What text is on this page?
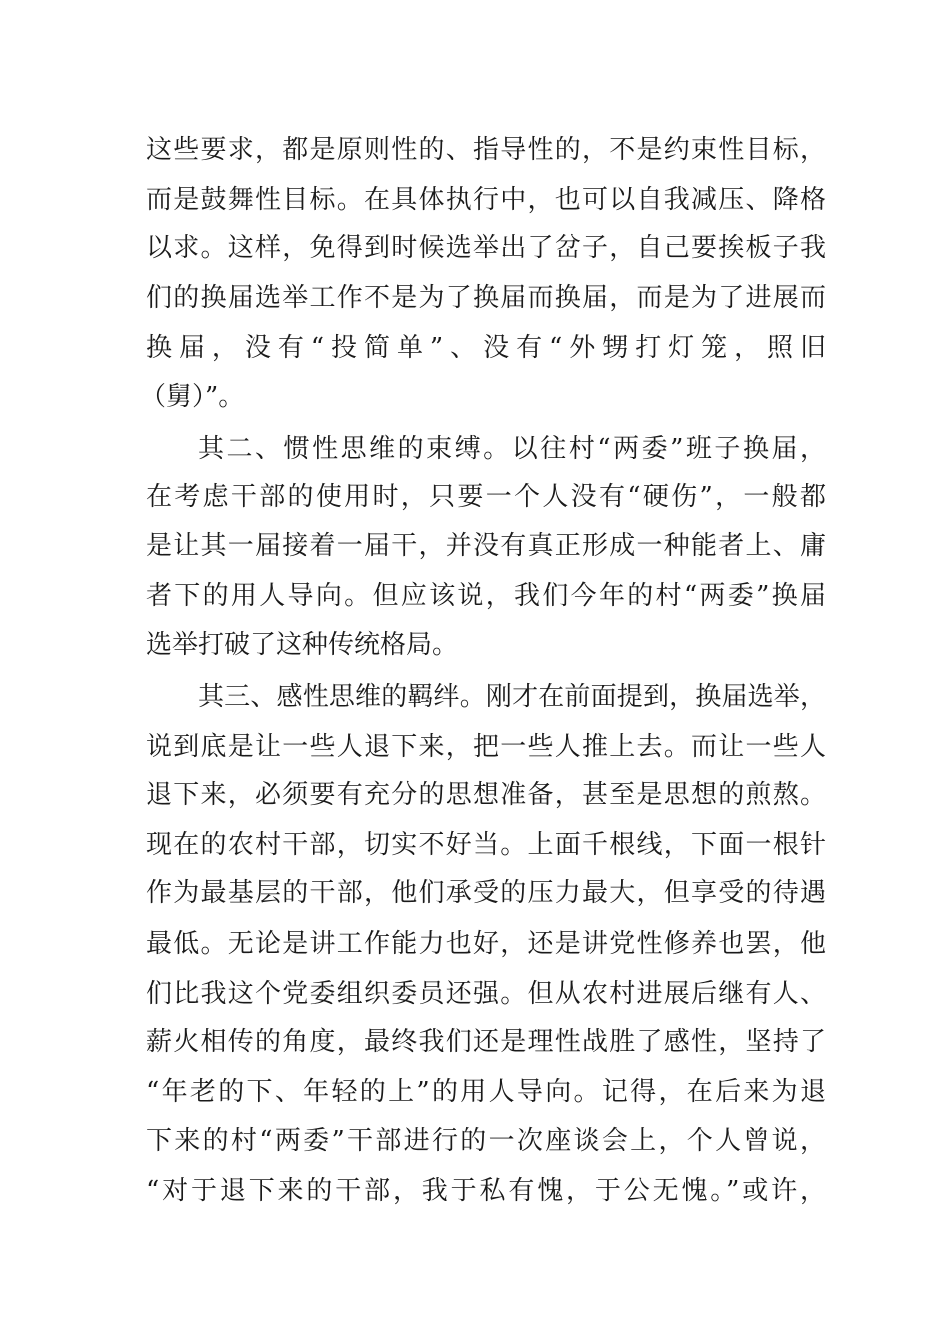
这些要求，都是原则性的、指导性的，不是约束性目标，
而是鼓舞性目标。在具体执行中，也可以自我减压、降格
以求。这样，免得到时候选举出了岔子，自己要挨板子我
们的换届选举工作不是为了换届而换届，而是为了进展而
换届，没有“投简单”、没有“外甥打灯笼，照旧
（舅）”。
其二、惯性思维的束缚。以往村“两委”班子换届，
在考虑干部的使用时，只要一个人没有“硬伤”，一般都
是让其一届接着一届干，并没有真正形成一种能者上、庸
者下的用人导向。但应该说，我们今年的村“两委”换届
选举打破了这种传统格局。
其三、感性思维的羁绊。刚才在前面提到，换届选举，
说到底是让一些人退下来，把一些人推上去。而让一些人
退下来，必须要有充分的思想准备，甚至是思想的煎熬。
现在的农村干部，切实不好当。上面千根线，下面一根针
作为最基层的干部，他们承受的压力最大，但享受的待遇
最低。无论是讲工作能力也好，还是讲党性修养也罢，他
们比我这个党委组织委员还强。但从农村进展后继有人、
薪火相传的角度，最终我们还是理性战胜了感性，坚持了
“年老的下、年轻的上”的用人导向。记得，在后来为退
下来的村“两委”干部进行的一次座谈会上，个人曾说，
“对于退下来的干部，我于私有愧，于公无愧。”或许，
